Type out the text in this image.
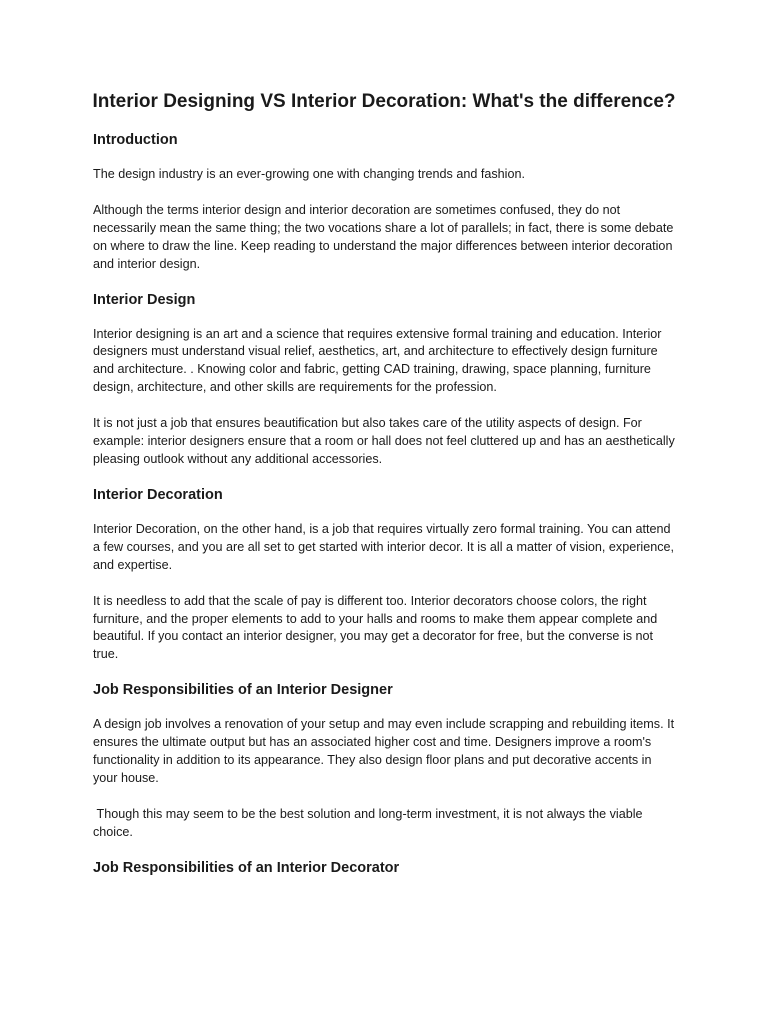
Interior Designing VS Interior Decoration: What's the difference?
Introduction

The design industry is an ever-growing one with changing trends and fashion.

Although the terms interior design and interior decoration are sometimes confused, they do not necessarily mean the same thing; the two vocations share a lot of parallels; in fact, there is some debate on where to draw the line. Keep reading to understand the major differences between interior decoration and interior design.

Interior Design

Interior designing is an art and a science that requires extensive formal training and education. Interior designers must understand visual relief, aesthetics, art, and architecture to effectively design furniture and architecture. . Knowing color and fabric, getting CAD training, drawing, space planning, furniture design, architecture, and other skills are requirements for the profession.

It is not just a job that ensures beautification but also takes care of the utility aspects of design. For example: interior designers ensure that a room or hall does not feel cluttered up and has an aesthetically pleasing outlook without any additional accessories.

Interior Decoration

Interior Decoration, on the other hand, is a job that requires virtually zero formal training. You can attend a few courses, and you are all set to get started with interior decor. It is all a matter of vision, experience, and expertise.

It is needless to add that the scale of pay is different too. Interior decorators choose colors, the right furniture, and the proper elements to add to your halls and rooms to make them appear complete and beautiful. If you contact an interior designer, you may get a decorator for free, but the converse is not true.

Job Responsibilities of an Interior Designer

A design job involves a renovation of your setup and may even include scrapping and rebuilding items. It ensures the ultimate output but has an associated higher cost and time. Designers improve a room's functionality in addition to its appearance. They also design floor plans and put decorative accents in your house.

Though this may seem to be the best solution and long-term investment, it is not always the viable choice.

Job Responsibilities of an Interior Decorator
